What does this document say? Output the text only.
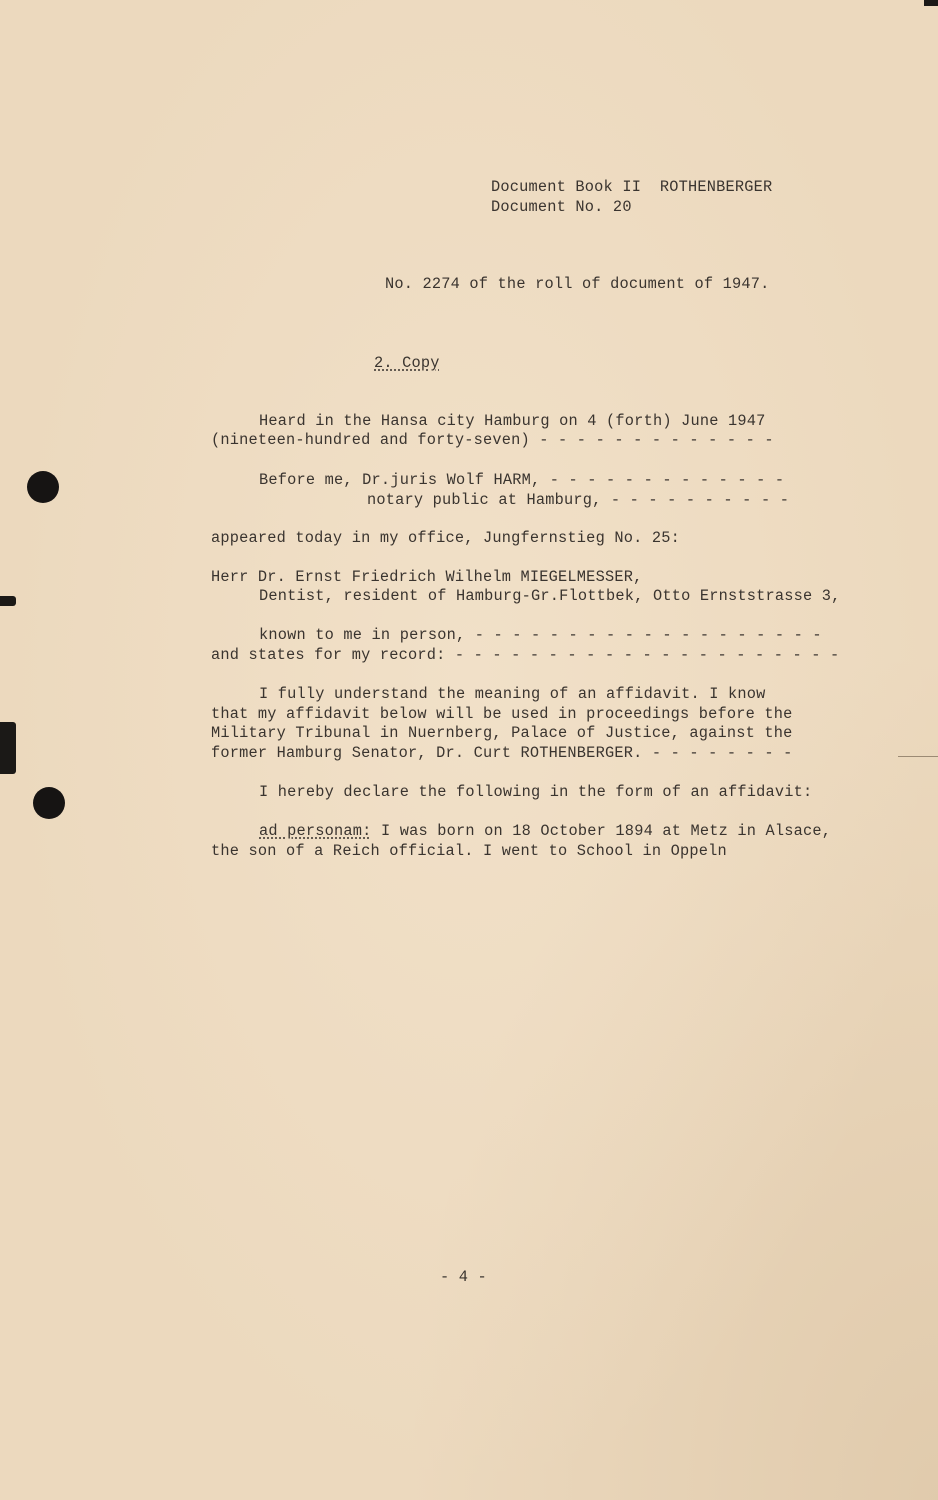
Document Book II  ROTHENBERGER

Document No. 20

No. 2274 of the roll of document of 1947.

2. Copy

Heard in the Hansa city Hamburg on 4 (forth) June 1947

(nineteen-hundred and forty-seven) - - - - - - - - - - - - -

Before me, Dr.juris Wolf HARM, - - - - - - - - - - - - -

notary public at Hamburg, - - - - - - - - - -

appeared today in my office, Jungfernstieg No. 25:

Herr Dr. Ernst Friedrich Wilhelm MIEGELMESSER,

Dentist, resident of Hamburg-Gr.Flottbek, Otto Ernststrasse 3,

known to me in person, - - - - - - - - - - - - - - - - - - -

and states for my record: - - - - - - - - - - - - - - - - - - - - -

I fully understand the meaning of an affidavit. I know

that my affidavit below will be used in proceedings before the

Military Tribunal in Nuernberg, Palace of Justice, against the

former Hamburg Senator, Dr. Curt ROTHENBERGER. - - - - - - - -

I hereby declare the following in the form of an affidavit:

ad personam: I was born on 18 October 1894 at Metz in Alsace,

the son of a Reich official. I went to School in Oppeln

- 4 -
